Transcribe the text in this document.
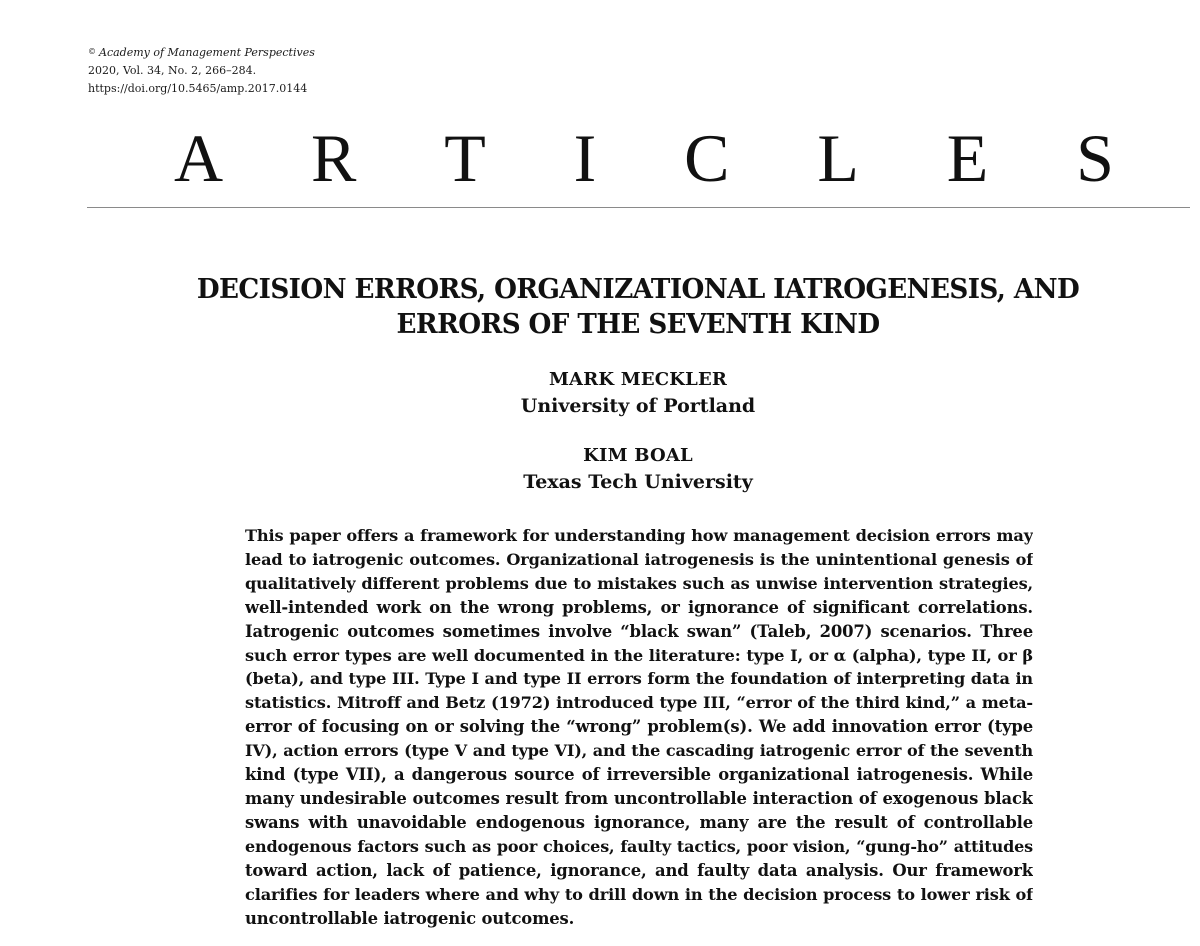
© Academy of Management Perspectives
2020, Vol. 34, No. 2, 266–284.
https://doi.org/10.5465/amp.2017.0144
A R T I C L E S
DECISION ERRORS, ORGANIZATIONAL IATROGENESIS, AND
ERRORS OF THE SEVENTH KIND
MARK MECKLER
University of Portland
KIM BOAL
Texas Tech University
This paper offers a framework for understanding how management decision errors may
lead to iatrogenic outcomes. Organizational iatrogenesis is the unintentional genesis of
qualitatively different problems due to mistakes such as unwise intervention strategies,
well-intended work on the wrong problems, or ignorance of significant correlations.
Iatrogenic outcomes sometimes involve “black swan” (Taleb, 2007) scenarios. Three
such error types are well documented in the literature: type I, or α (alpha), type II, or β
(beta), and type III. Type I and type II errors form the foundation of interpreting data in
statistics. Mitroff and Betz (1972) introduced type III, “error of the third kind,” a meta-
error of focusing on or solving the “wrong” problem(s). We add innovation error (type
IV), action errors (type V and type VI), and the cascading iatrogenic error of the seventh
kind (type VII), a dangerous source of irreversible organizational iatrogenesis. While
many undesirable outcomes result from uncontrollable interaction of exogenous black
swans with unavoidable endogenous ignorance, many are the result of controllable
endogenous factors such as poor choices, faulty tactics, poor vision, “gung-ho” attitudes
toward action, lack of patience, ignorance, and faulty data analysis. Our framework
clarifies for leaders where and why to drill down in the decision process to lower risk of
uncontrollable iatrogenic outcomes.
